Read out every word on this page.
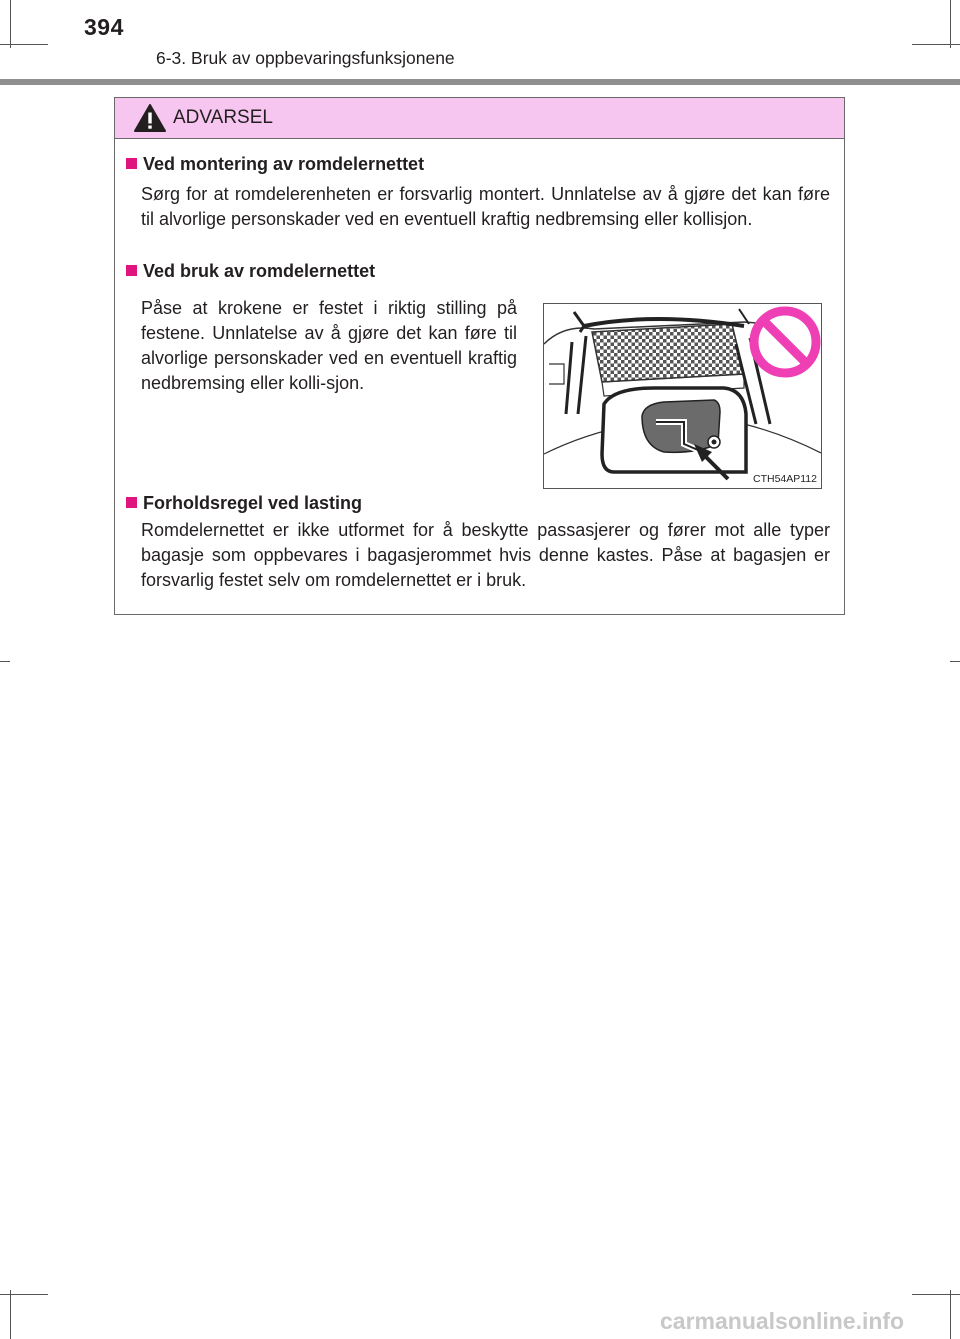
394
6-3. Bruk av oppbevaringsfunksjonene
ADVARSEL
Ved montering av romdelernettet
Sørg for at romdelerenheten er forsvarlig montert. Unnlatelse av å gjøre det kan føre til alvorlige personskader ved en eventuell kraftig nedbremsing eller kollisjon.
Ved bruk av romdelernettet
Påse at krokene er festet i riktig stilling på festene. Unnlatelse av å gjøre det kan føre til alvorlige personskader ved en eventuell kraftig nedbremsing eller kolli-sjon.
CTH54AP112
Forholdsregel ved lasting
Romdelernettet er ikke utformet for å beskytte passasjerer og fører mot alle typer bagasje som oppbevares i bagasjerommet hvis denne kastes. Påse at bagasjen er forsvarlig festet selv om romdelernettet er i bruk.
carmanualsonline.info
